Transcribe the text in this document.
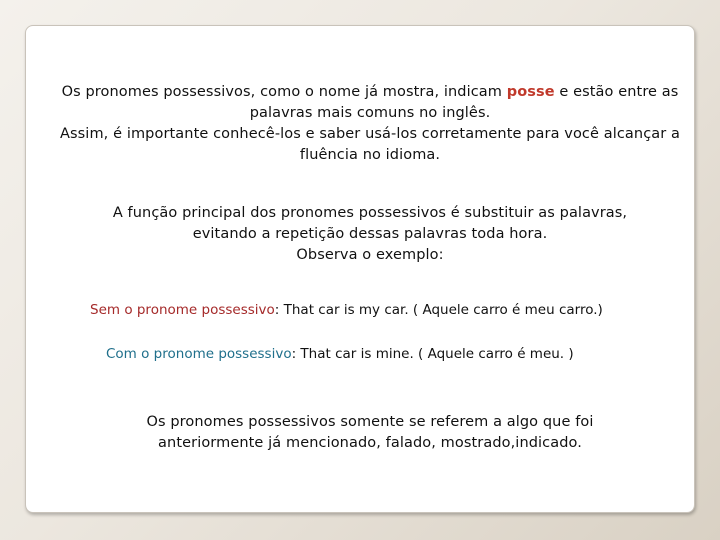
Os pronomes possessivos, como o nome já mostra, indicam posse e estão entre as
palavras mais comuns no inglês.
Assim, é importante conhecê-los e saber usá-los corretamente para você alcançar a
fluência no idioma.
A função principal dos pronomes possessivos é substituir as palavras,
evitando a repetição dessas palavras toda hora.
Observa o exemplo:
Sem o pronome possessivo: That car is my car. ( Aquele carro é meu carro.)
Com o pronome possessivo: That car is mine. ( Aquele carro é meu. )
Os pronomes possessivos somente se referem a algo que foi
anteriormente já mencionado, falado, mostrado,indicado.
